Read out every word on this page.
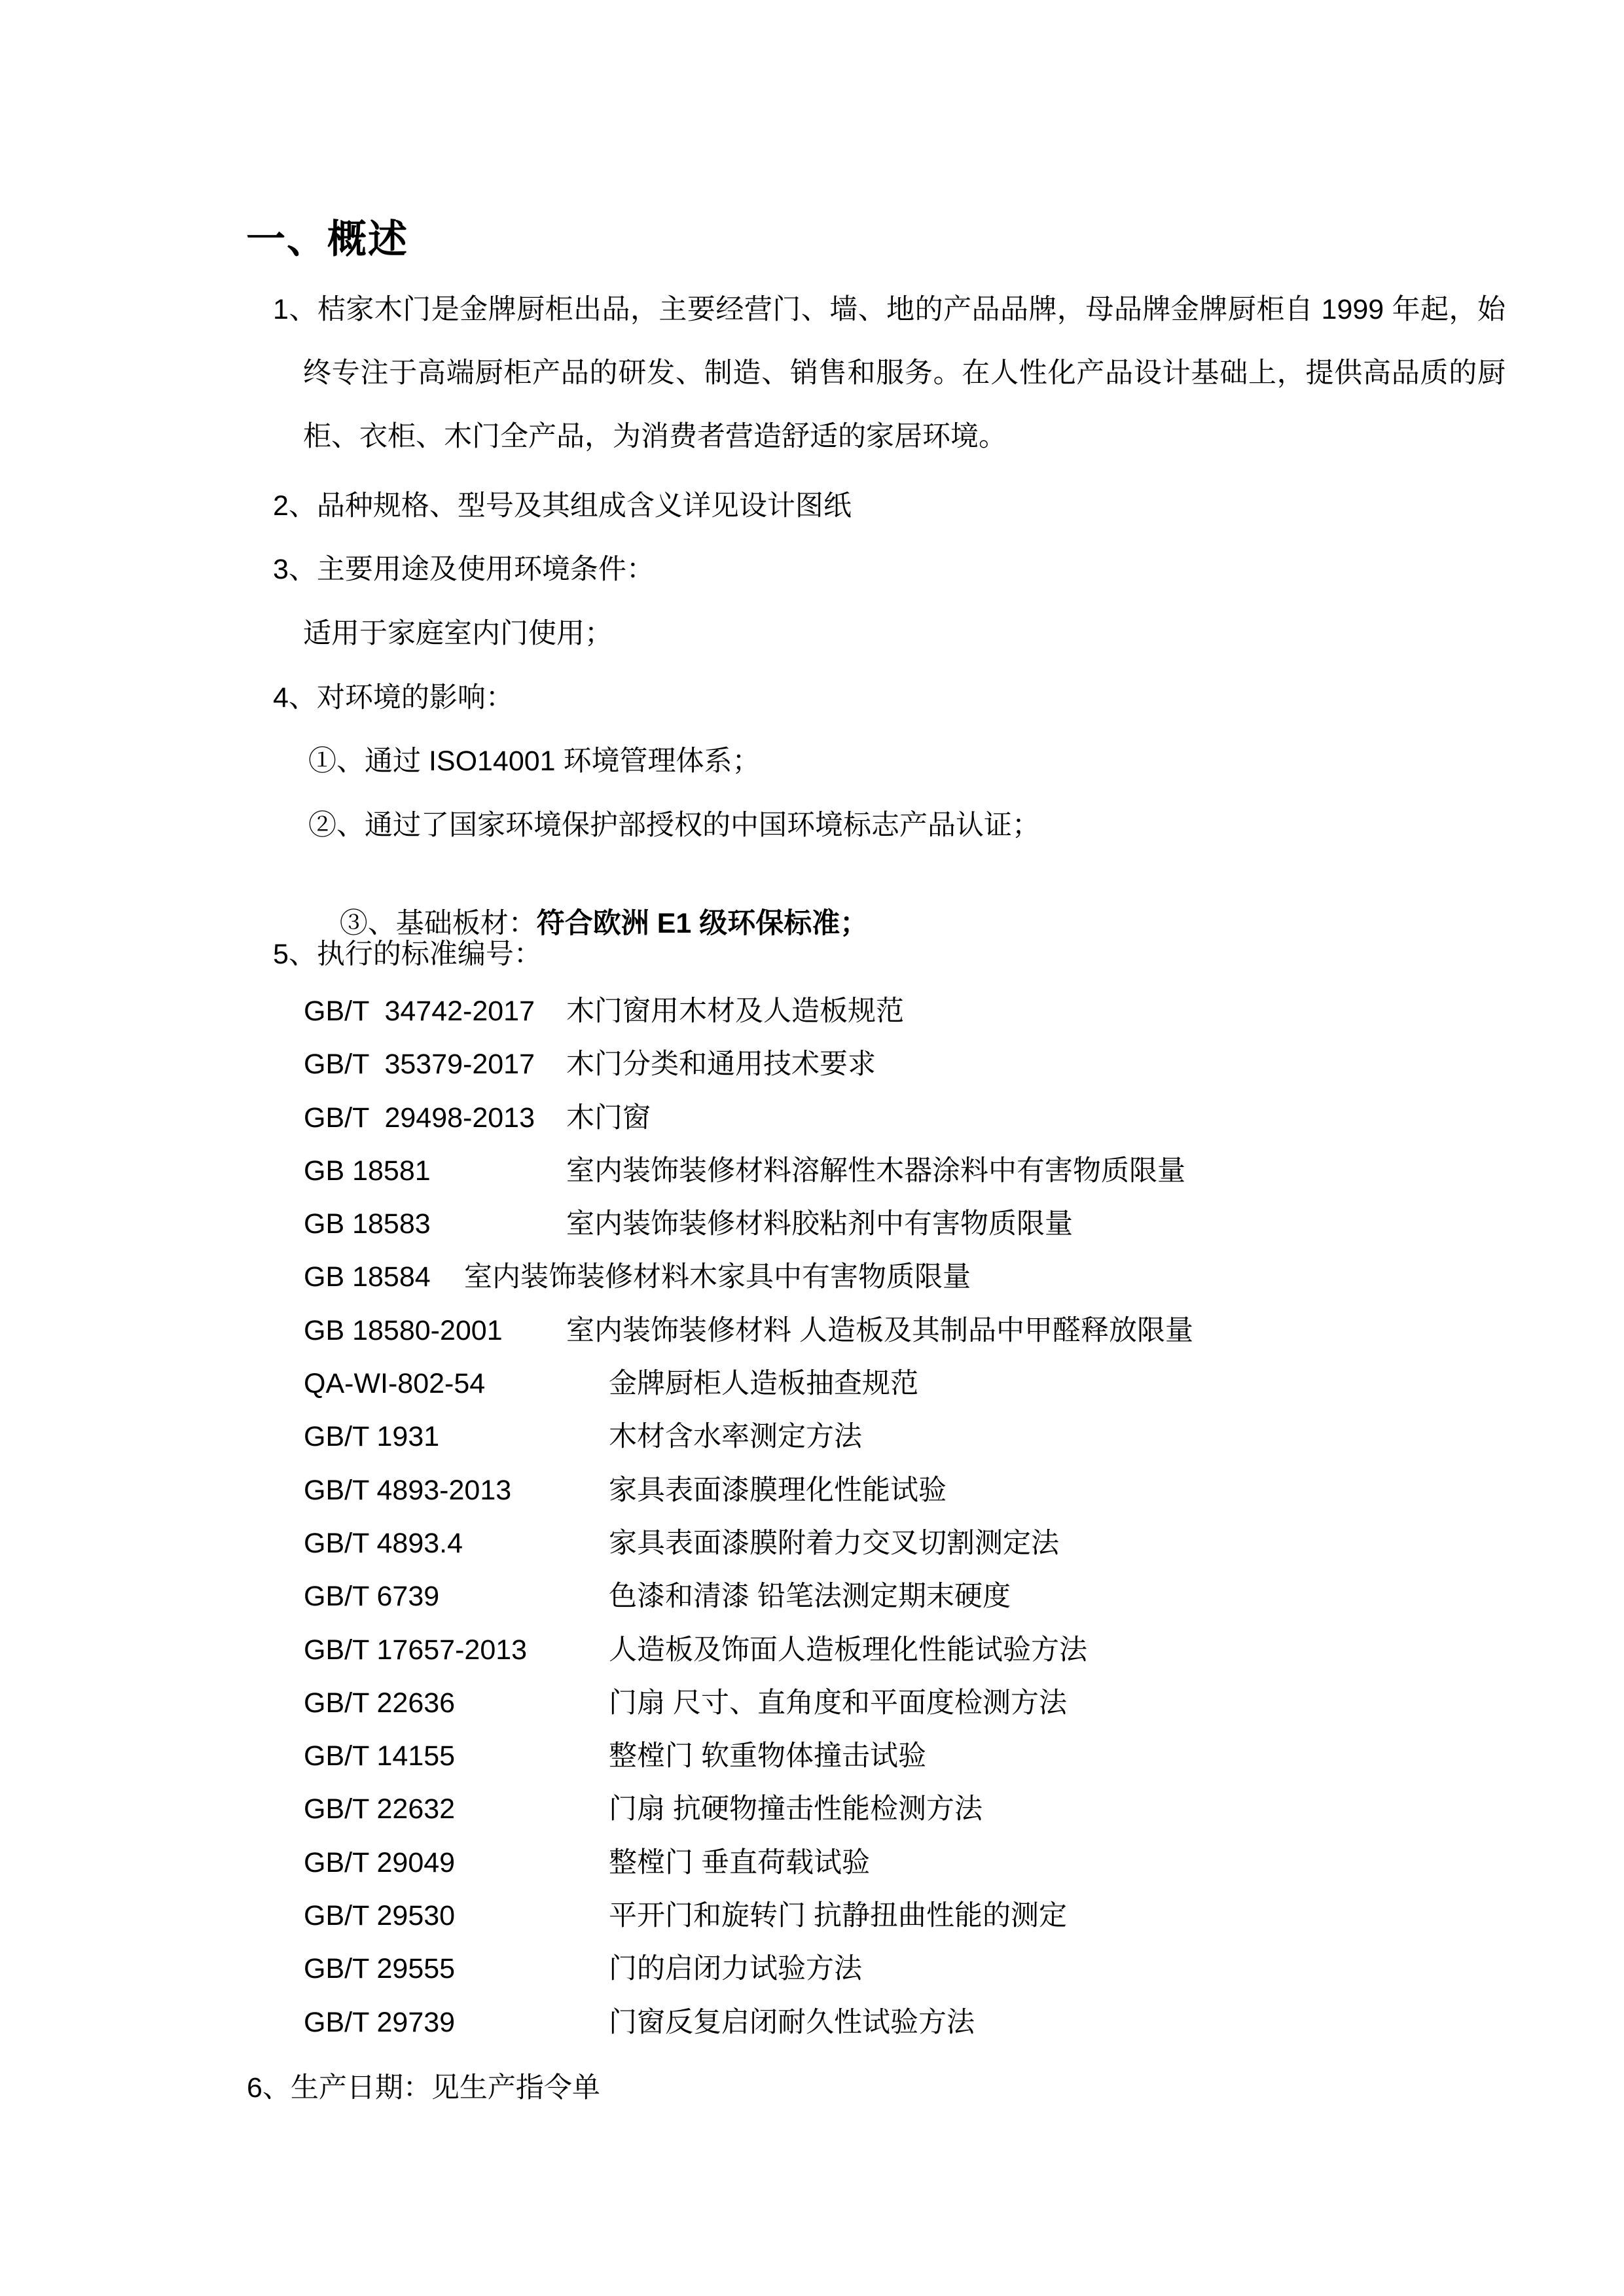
一、概述
1、桔家木门是金牌厨柜出品，主要经营门、墙、地的产品品牌，母品牌金牌厨柜自 1999 年起，始
终专注于高端厨柜产品的研发、制造、销售和服务。在人性化产品设计基础上，提供高品质的厨
柜、衣柜、木门全产品，为消费者营造舒适的家居环境。
2、品种规格、型号及其组成含义详见设计图纸
3、主要用途及使用环境条件：
适用于家庭室内门使用；
4、对环境的影响：
①、通过 ISO14001 环境管理体系；
②、通过了国家环境保护部授权的中国环境标志产品认证；

③、基础板材：符合欧洲 E1 级环保标准；

5、执行的标准编号：
GB/T  34742-2017 木门窗用木材及人造板规范
GB/T  35379-2017 木门分类和通用技术要求
GB/T  29498-2013 木门窗
GB 18581	室内装饰装修材料溶解性木器涂料中有害物质限量
GB 18583	室内装饰装修材料胶粘剂中有害物质限量
GB 18584 室内装饰装修材料木家具中有害物质限量
GB 18580-2001 室内装饰装修材料 人造板及其制品中甲醛释放限量
QA-WI-802-54	金牌厨柜人造板抽查规范
GB/T 1931	木材含水率测定方法
GB/T 4893-2013	家具表面漆膜理化性能试验
GB/T 4893.4	家具表面漆膜附着力交叉切割测定法
GB/T 6739	色漆和清漆 铅笔法测定期末硬度
GB/T 17657-2013	人造板及饰面人造板理化性能试验方法
GB/T 22636	门扇 尺寸、直角度和平面度检测方法
GB/T 14155	整樘门 软重物体撞击试验
GB/T 22632	门扇 抗硬物撞击性能检测方法
GB/T 29049	整樘门 垂直荷载试验
GB/T 29530	平开门和旋转门 抗静扭曲性能的测定
GB/T 29555	门的启闭力试验方法
GB/T 29739	门窗反复启闭耐久性试验方法
6、生产日期：见生产指令单
